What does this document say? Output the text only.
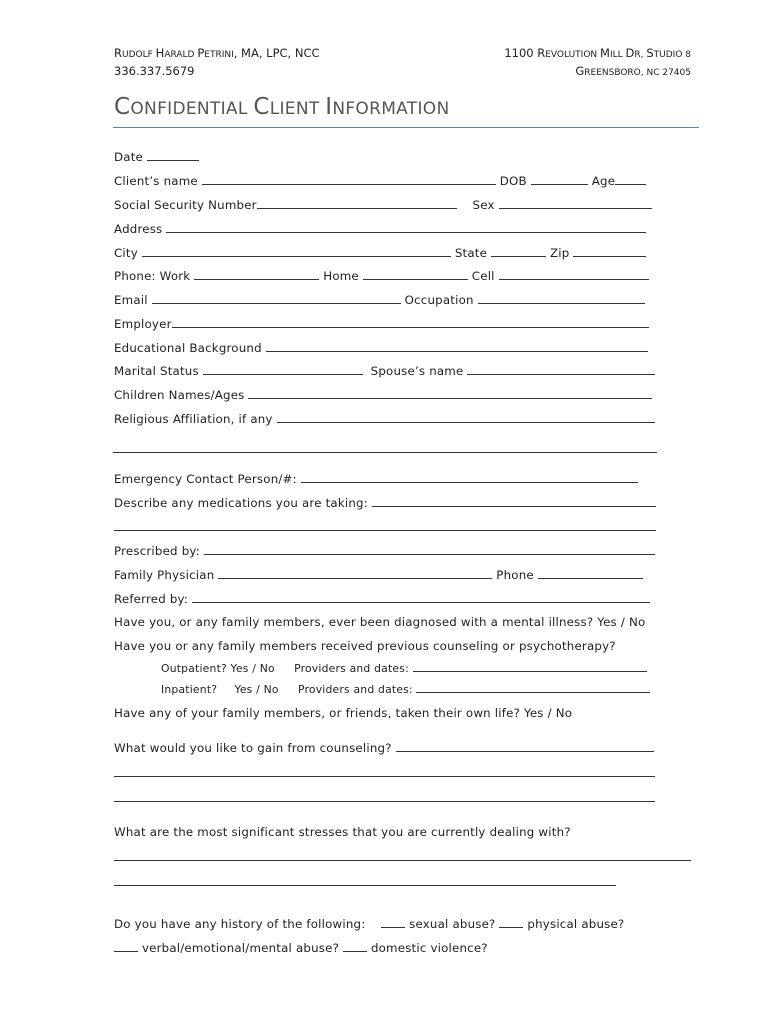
RUDOLF HARALD PETRINI, MA, LPC, NCC
336.337.5679
1100 REVOLUTION MILL DR, STUDIO 8
GREENSBORO, NC 27405
CONFIDENTIAL CLIENT INFORMATION
Date
Client’s name	DOB	Age
Social Security Number	Sex
Address
City	State	Zip
Phone: Work	Home	Cell
Email	Occupation
Employer
Educational Background
Marital Status	Spouse’s name
Children Names/Ages
Religious Affiliation, if any
Emergency Contact Person/#:
Describe any medications you are taking:
Prescribed by:
Family Physician	Phone
Referred by:
Have you, or any family members, ever been diagnosed with a mental illness? Yes / No
Have you or any family members received previous counseling or psychotherapy?
Outpatient? Yes / No Providers and dates:
Inpatient? Yes / No Providers and dates:
Have any of your family members, or friends, taken their own life? Yes / No
What would you like to gain from counseling?
What are the most significant stresses that you are currently dealing with?
Do you have any history of the following:	sexual abuse?	physical abuse?
verbal/emotional/mental abuse?	domestic violence?
